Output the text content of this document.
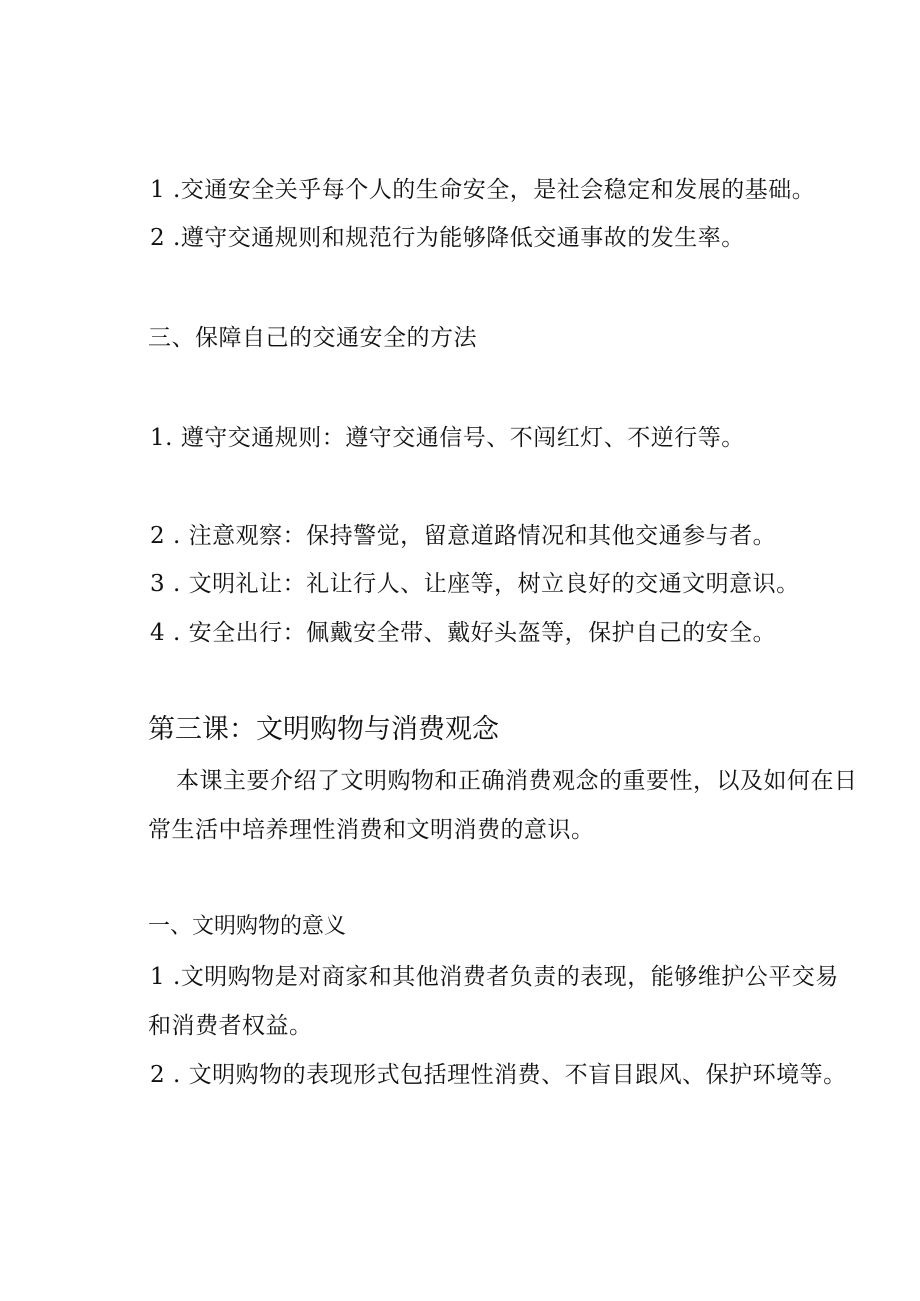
1 .交通安全关乎每个人的生命安全，是社会稳定和发展的基础。
2 .遵守交通规则和规范行为能够降低交通事故的发生率。
三、保障自己的交通安全的方法
1. 遵守交通规则：遵守交通信号、不闯红灯、不逆行等。
2 . 注意观察：保持警觉，留意道路情况和其他交通参与者。
3 . 文明礼让：礼让行人、让座等，树立良好的交通文明意识。
4 . 安全出行：佩戴安全带、戴好头盔等，保护自己的安全。
第三课：文明购物与消费观念
本课主要介绍了文明购物和正确消费观念的重要性，以及如何在日
常生活中培养理性消费和文明消费的意识。
一、文明购物的意义
1 .文明购物是对商家和其他消费者负责的表现，能够维护公平交易
和消费者权益。
2 . 文明购物的表现形式包括理性消费、不盲目跟风、保护环境等。
